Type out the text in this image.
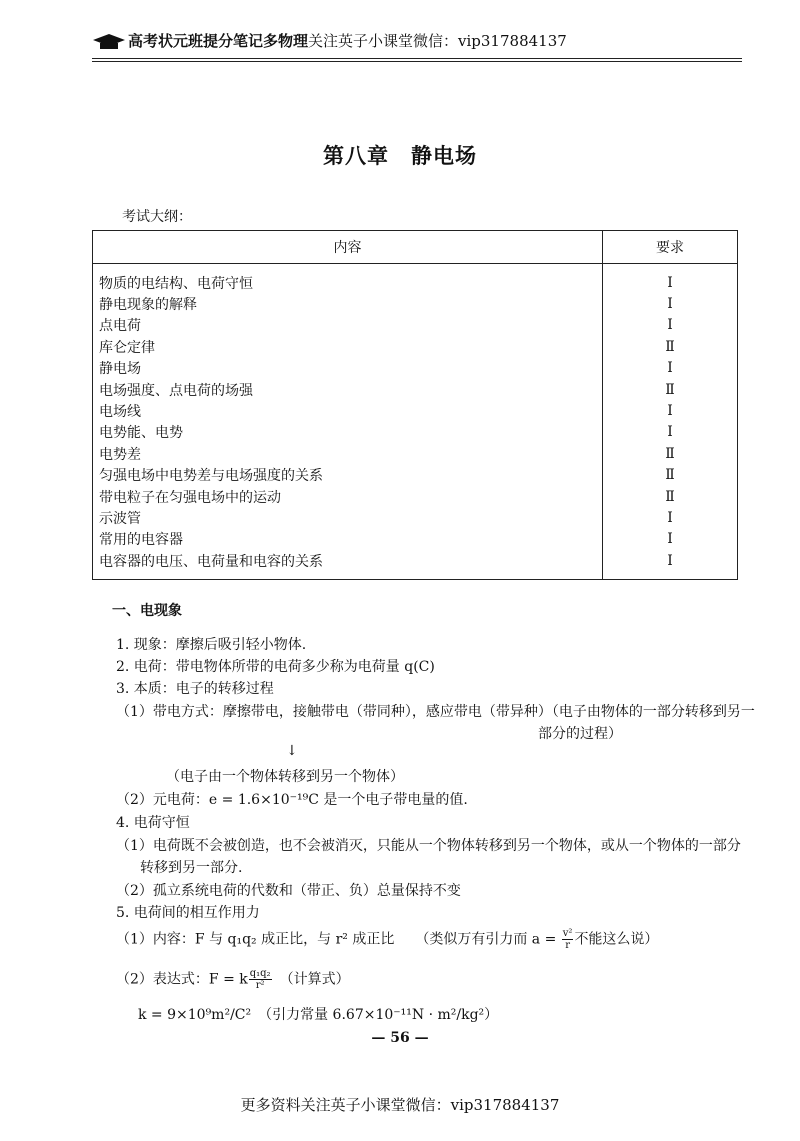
高考状元班提分笔记多物理关注英子小课堂微信：vip317884137
第八章　静电场
考试大纲：
内容	要求

物质的电结构、电荷守恒	Ⅰ
静电现象的解释	Ⅰ
点电荷	Ⅰ
库仑定律	Ⅱ
静电场	Ⅰ
电场强度、点电荷的场强	Ⅱ
电场线	Ⅰ
电势能、电势	Ⅰ
电势差	Ⅱ
匀强电场中电势差与电场强度的关系	Ⅱ
带电粒子在匀强电场中的运动	Ⅱ
示波管	Ⅰ
常用的电容器	Ⅰ
电容器的电压、电荷量和电容的关系	Ⅰ

一、电现象
1. 现象：摩擦后吸引轻小物体.
2. 电荷：带电物体所带的电荷多少称为电荷量 q(C)
3. 本质：电子的转移过程
（1）带电方式：摩擦带电，接触带电（带同种），感应带电（带异种）（电子由物体的一部分转移到另一
部分的过程）
↓
（电子由一个物体转移到另一个物体）
（2）元电荷：e = 1.6×10⁻¹⁹C 是一个电子带电量的值.
4. 电荷守恒
（1）电荷既不会被创造，也不会被消灭，只能从一个物体转移到另一个物体，或从一个物体的一部分
转移到另一部分.
（2）孤立系统电荷的代数和（带正、负）总量保持不变
5. 电荷间的相互作用力
（1）内容：F 与 q₁q₂ 成正比，与 r² 成正比　　（类似万有引力而 $a = \frac{\text{v²}}{r}$ 不能这么说）
（2）表达式：F = k $\frac{\text{q₁q₂}}{\text{r²}}$ 　（计算式）
k = 9×10⁹m²/C²　（引力常量 6.67×10⁻¹¹N · m²/kg²）
— 56 —
更多资料关注英子小课堂微信：vip317884137
